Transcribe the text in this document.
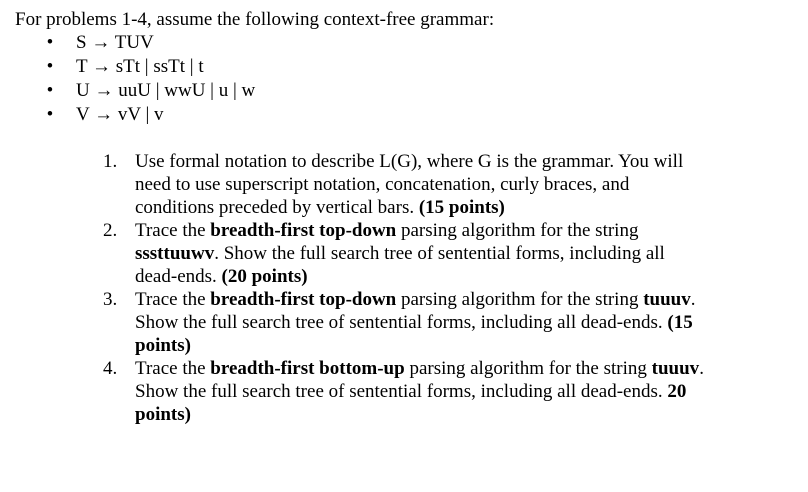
For problems 1-4, assume the following context-free grammar:
• S → TUV
• T → sTt | ssTt | t
• U → uuU | wwU | u | w
• V → vV | v
1. Use formal notation to describe L(G), where G is the grammar. You will
need to use superscript notation, concatenation, curly braces, and
conditions preceded by vertical bars. (15 points)
2. Trace the breadth-first top-down parsing algorithm for the string
sssttuuwv. Show the full search tree of sentential forms, including all
dead-ends. (20 points)
3. Trace the breadth-first top-down parsing algorithm for the string tuuuv.
Show the full search tree of sentential forms, including all dead-ends. (15
points)
4. Trace the breadth-first bottom-up parsing algorithm for the string tuuuv.
Show the full search tree of sentential forms, including all dead-ends. 20
points)
